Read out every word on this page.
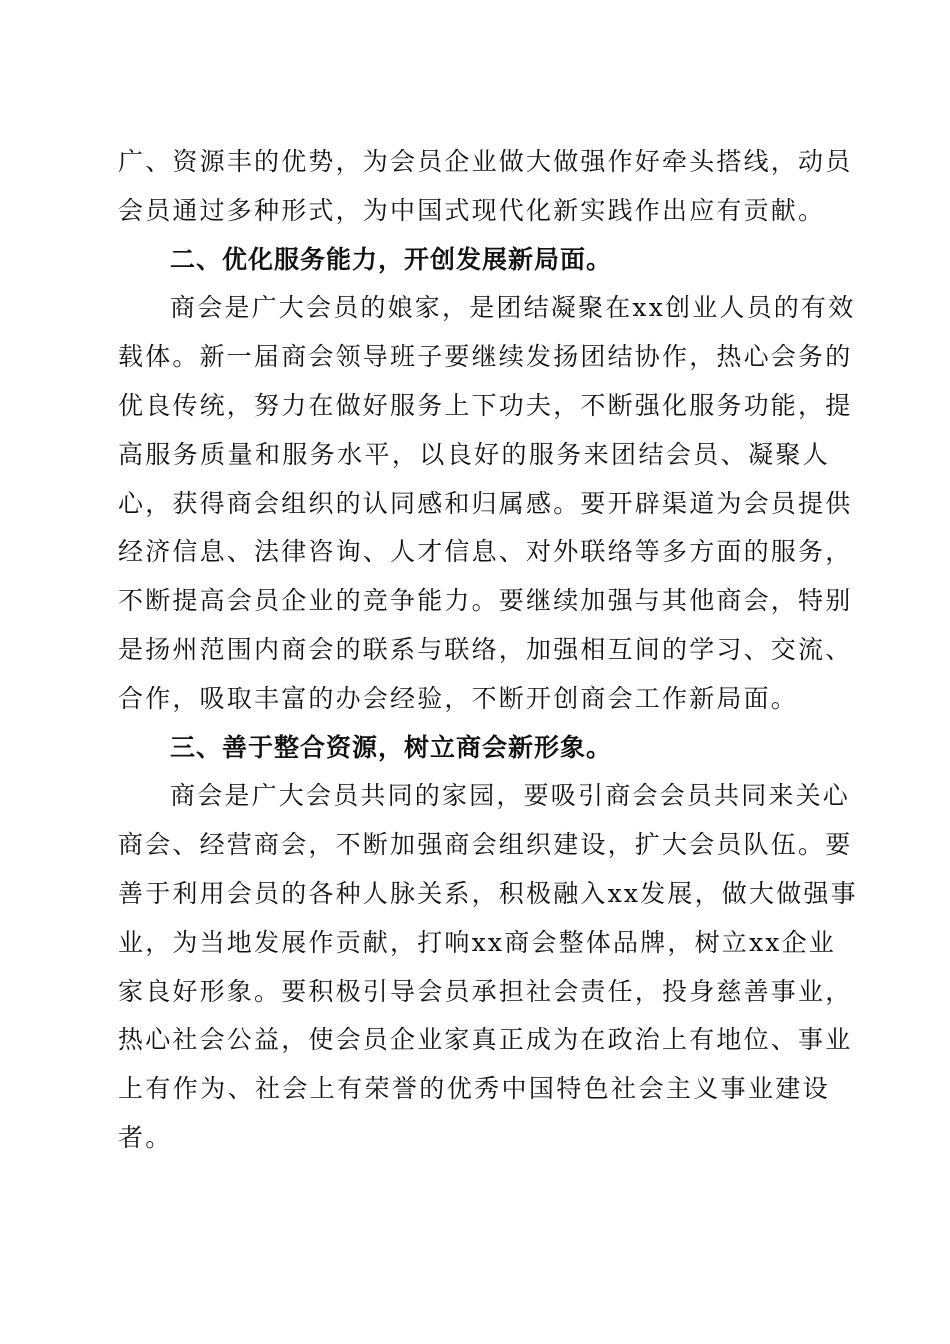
广、资源丰的优势，为会员企业做大做强作好牵头搭线，动员
会员通过多种形式，为中国式现代化新实践作出应有贡献。
二、优化服务能力，开创发展新局面。
商会是广大会员的娘家，是团结凝聚在xx创业人员的有效
载体。新一届商会领导班子要继续发扬团结协作，热心会务的
优良传统，努力在做好服务上下功夫，不断强化服务功能，提
高服务质量和服务水平，以良好的服务来团结会员、凝聚人
心，获得商会组织的认同感和归属感。要开辟渠道为会员提供
经济信息、法律咨询、人才信息、对外联络等多方面的服务，
不断提高会员企业的竞争能力。要继续加强与其他商会，特别
是扬州范围内商会的联系与联络，加强相互间的学习、交流、
合作，吸取丰富的办会经验，不断开创商会工作新局面。
三、善于整合资源，树立商会新形象。
商会是广大会员共同的家园，要吸引商会会员共同来关心
商会、经营商会，不断加强商会组织建设，扩大会员队伍。要
善于利用会员的各种人脉关系，积极融入xx发展，做大做强事
业，为当地发展作贡献，打响xx商会整体品牌，树立xx企业
家良好形象。要积极引导会员承担社会责任，投身慈善事业，
热心社会公益，使会员企业家真正成为在政治上有地位、事业
上有作为、社会上有荣誉的优秀中国特色社会主义事业建设
者。
